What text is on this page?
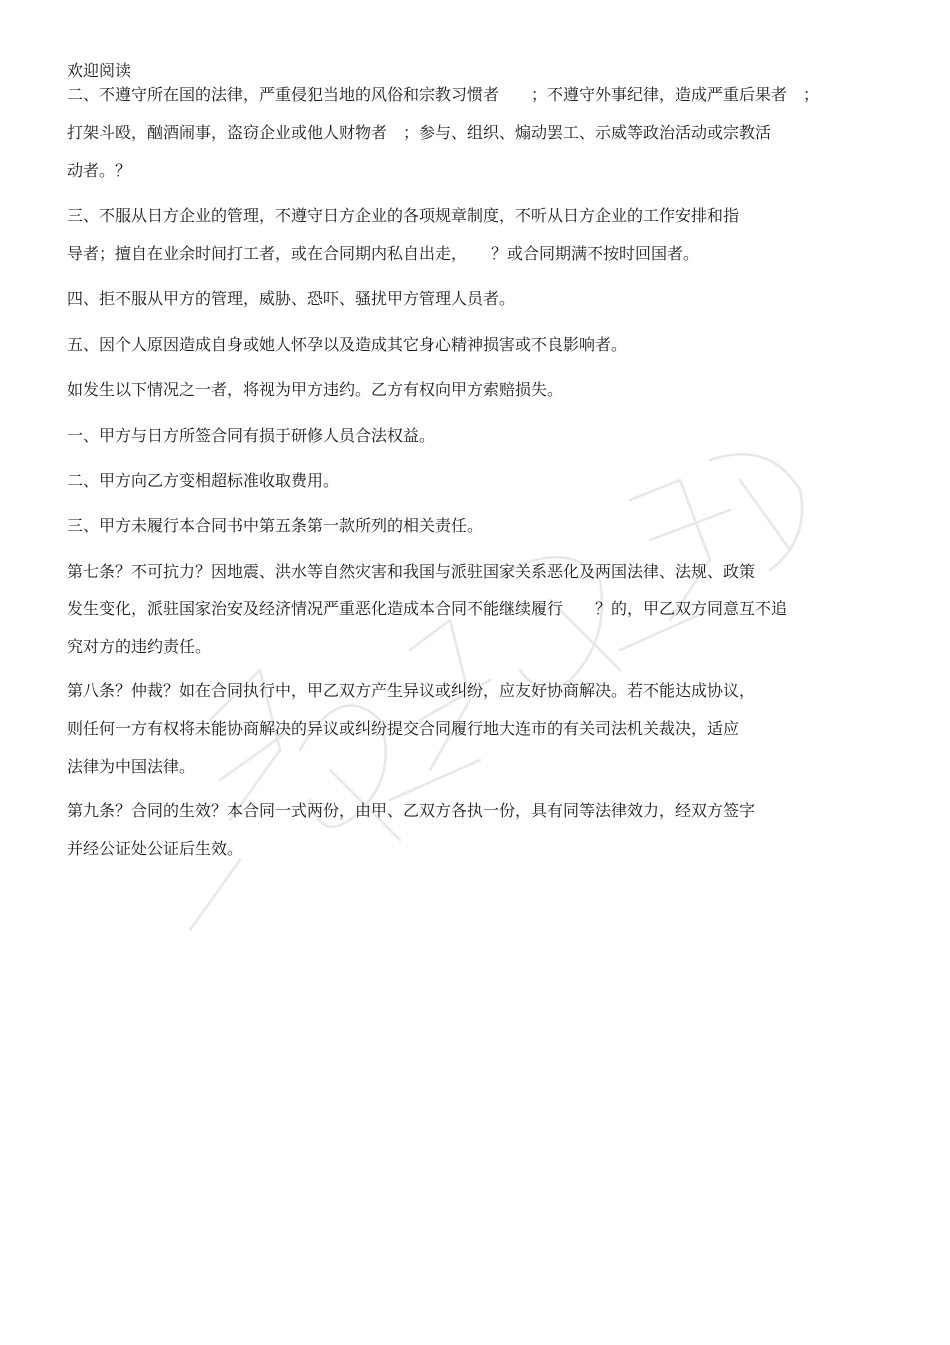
欢迎阅读
二、不遵守所在国的法律，严重侵犯当地的风俗和宗教习惯者　　；不遵守外事纪律，造成严重后果者　；
打架斗殴，酗酒闹事，盗窃企业或他人财物者　；参与、组织、煽动罢工、示威等政治活动或宗教活
动者。？
三、不服从日方企业的管理，不遵守日方企业的各项规章制度，不听从日方企业的工作安排和指
导者；擅自在业余时间打工者，或在合同期内私自出走，　　？或合同期满不按时回国者。
四、拒不服从甲方的管理，威胁、恐吓、骚扰甲方管理人员者。
五、因个人原因造成自身或她人怀孕以及造成其它身心精神损害或不良影响者。
如发生以下情况之一者，将视为甲方违约。乙方有权向甲方索赔损失。
一、甲方与日方所签合同有损于研修人员合法权益。
二、甲方向乙方变相超标准收取费用。
三、甲方未履行本合同书中第五条第一款所列的相关责任。
第七条？不可抗力？因地震、洪水等自然灾害和我国与派驻国家关系恶化及两国法律、法规、政策
发生变化，派驻国家治安及经济情况严重恶化造成本合同不能继续履行　　？的，甲乙双方同意互不追
究对方的违约责任。
第八条？仲裁？如在合同执行中，甲乙双方产生异议或纠纷，应友好协商解决。若不能达成协议，
则任何一方有权将未能协商解决的异议或纠纷提交合同履行地大连市的有关司法机关裁决，适应
法律为中国法律。
第九条？合同的生效？本合同一式两份，由甲、乙双方各执一份，具有同等法律效力，经双方签字
并经公证处公证后生效。
